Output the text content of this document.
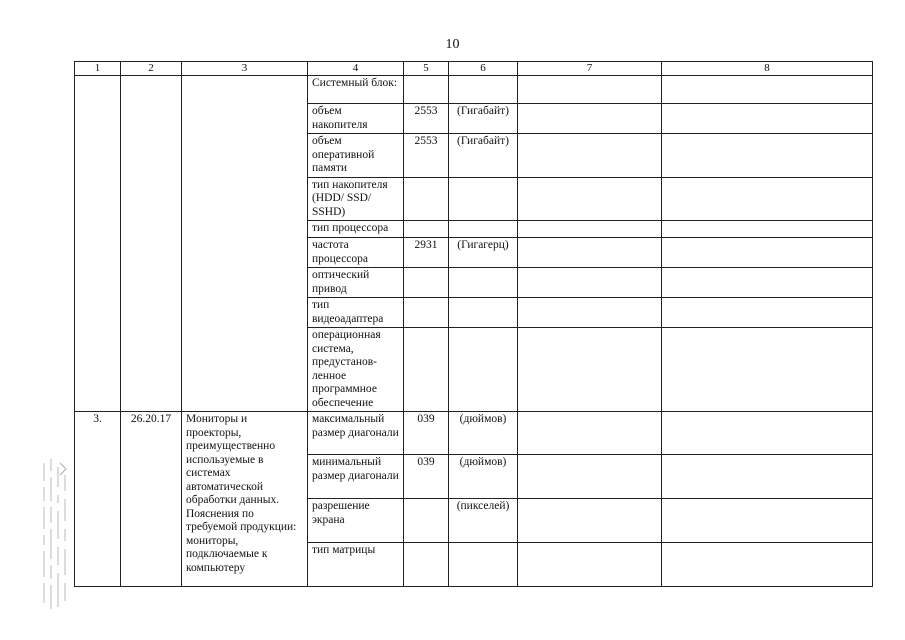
10
1	2	3	4	5	6	7	8
			Системный блок:				
			объем накопителя	2553	(Гигабайт)		
			объем оперативной памяти	2553	(Гигабайт)		
			тип накопителя (HDD/ SSD/ SSHD)				
			тип процессора				
			частота процессора	2931	(Гигагерц)		
			оптический привод				
			тип видеоадаптера				
			операционная система, предустанов-ленное программное обеспечение				
3.	26.20.17	Мониторы и проекторы, преимущественно используемые в системах автоматической обработки данных. Пояснения по требуемой продукции: мониторы, подключаемые к компьютеру	максимальный размер диагонали	039	(дюймов)		
			минимальный размер диагонали	039	(дюймов)		
			разрешение экрана		(пикселей)		
			тип матрицы				
